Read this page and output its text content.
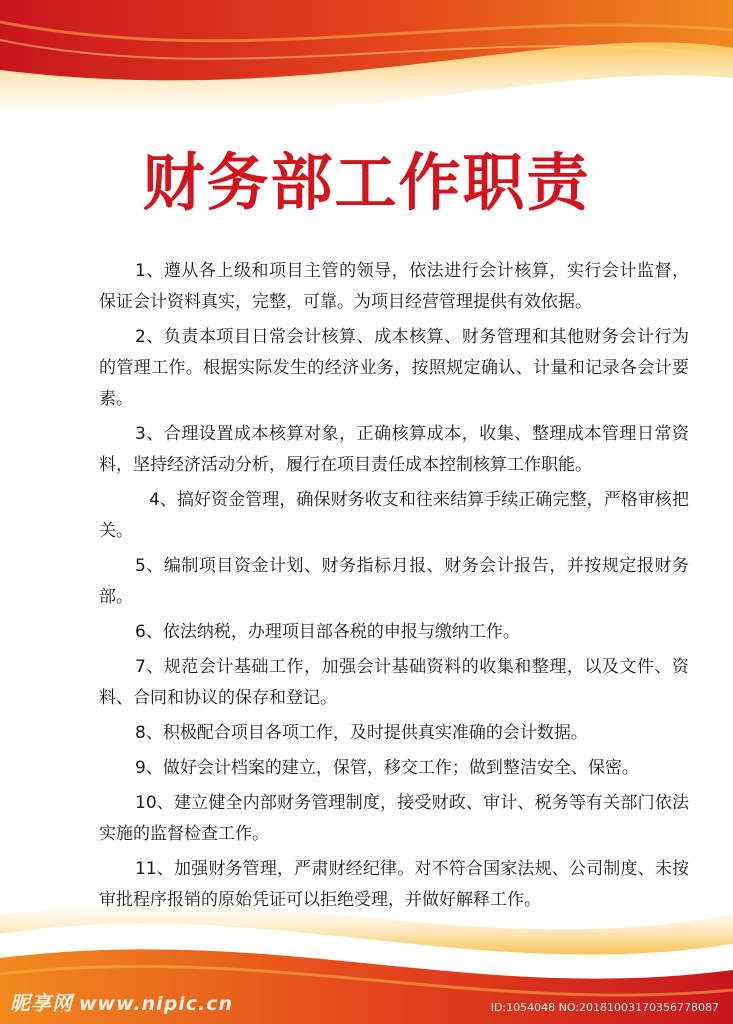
财务部工作职责

1、遵从各上级和项目主管的领导，依法进行会计核算，实行会计监督，保证会计资料真实，完整，可靠。为项目经营管理提供有效依据。

2、负责本项目日常会计核算、成本核算、财务管理和其他财务会计行为的管理工作。根据实际发生的经济业务，按照规定确认、计量和记录各会计要素。

3、合理设置成本核算对象，正确核算成本，收集、整理成本管理日常资料，坚持经济活动分析，履行在项目责任成本控制核算工作职能。

4、搞好资金管理，确保财务收支和往来结算手续正确完整，严格审核把关。

5、编制项目资金计划、财务指标月报、财务会计报告，并按规定报财务部。

6、依法纳税，办理项目部各税的申报与缴纳工作。

7、规范会计基础工作，加强会计基础资料的收集和整理，以及文件、资料、合同和协议的保存和登记。

8、积极配合项目各项工作，及时提供真实准确的会计数据。

9、做好会计档案的建立，保管，移交工作；做到整洁安全、保密。

10、建立健全内部财务管理制度，接受财政、审计、税务等有关部门依法实施的监督检查工作。

11、加强财务管理，严肃财经纪律。对不符合国家法规、公司制度、未按审批程序报销的原始凭证可以拒绝受理，并做好解释工作。

昵享网 www.nipic.cn	ID:1054048 NO:20181003170356778087
